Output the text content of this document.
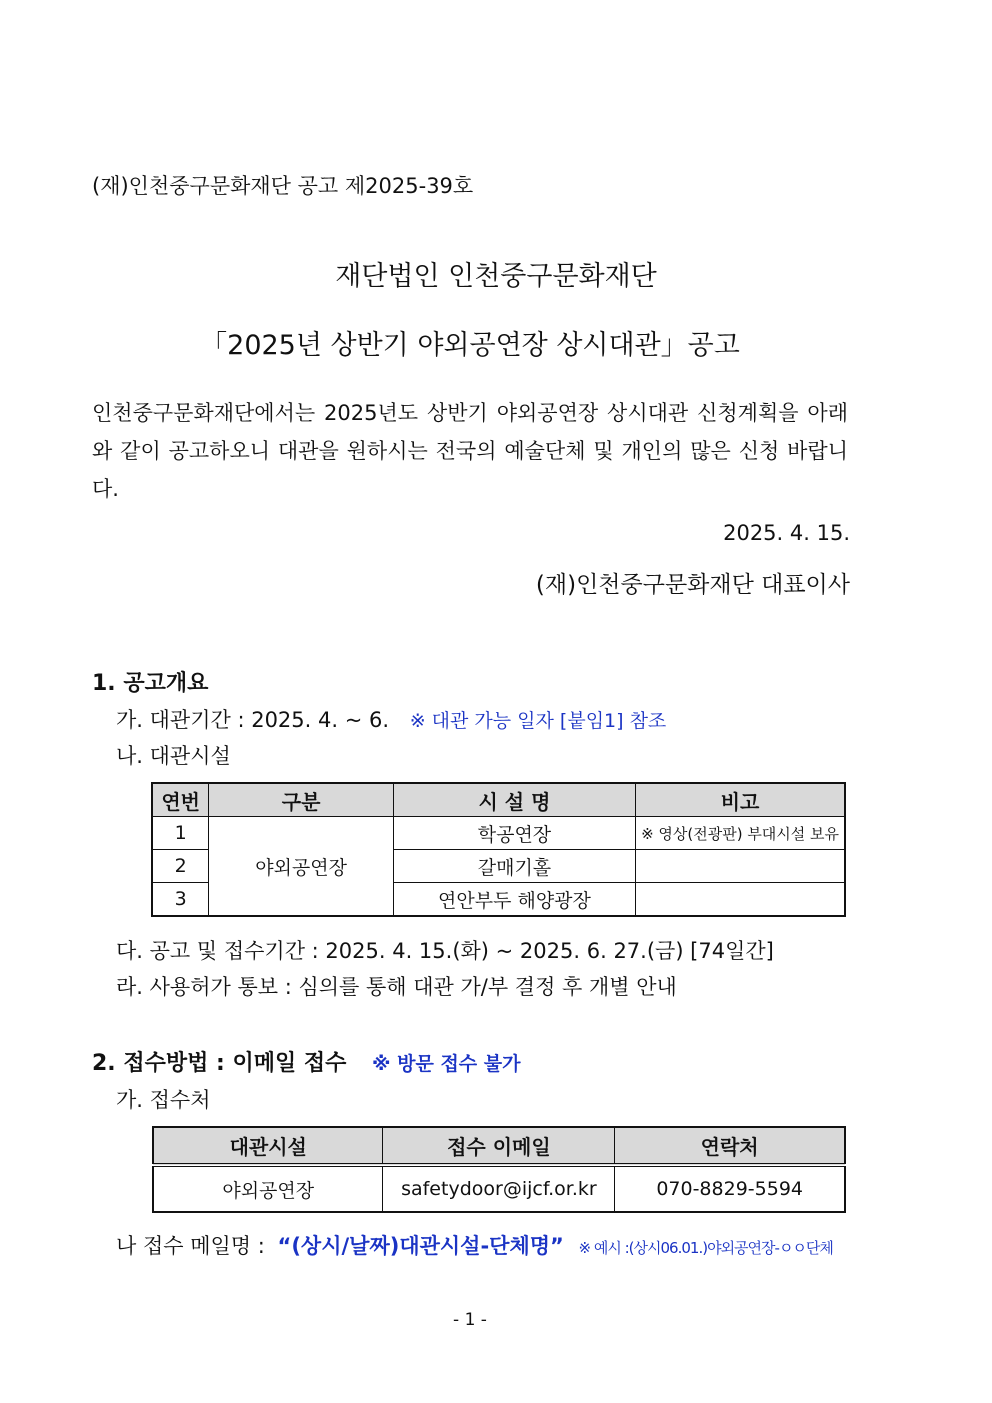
(재)인천중구문화재단 공고 제2025-39호
재단법인 인천중구문화재단
「2025년 상반기 야외공연장 상시대관」공고
인천중구문화재단에서는 2025년도 상반기 야외공연장 상시대관 신청계획을 아래와 같이 공고하오니 대관을 원하시는 전국의 예술단체 및 개인의 많은 신청 바랍니다.
2025. 4. 15.
(재)인천중구문화재단 대표이사
1. 공고개요
가. 대관기간 : 2025. 4. ~ 6. ※ 대관 가능 일자 [붙임1] 참조
나. 대관시설
연번	구분	시 설 명	비고
1	야외공연장	학공연장	※ 영상(전광판) 부대시설 보유
2		갈매기홀	
3		연안부두 해양광장	
다. 공고 및 접수기간 : 2025. 4. 15.(화) ~ 2025. 6. 27.(금) [74일간]
라. 사용허가 통보 : 심의를 통해 대관 가/부 결정 후 개별 안내
2. 접수방법 : 이메일 접수 ※ 방문 접수 불가
가. 접수처
대관시설	접수 이메일	연락처
야외공연장	safetydoor@ijcf.or.kr	070-8829-5594
나 접수 메일명 : “(상시/날짜)대관시설-단체명” ※ 예시 :(상시06.01.)야외공연장-ㅇㅇ단체
- 1 -
